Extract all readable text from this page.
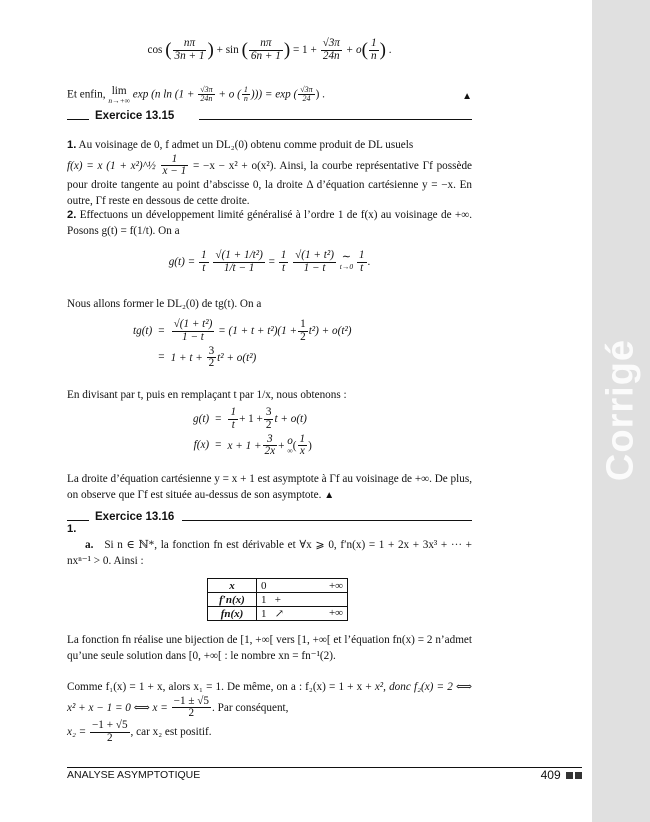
Corrigé
cos ( $\frac{n\pi}{3n + 1}$ ) + sin ( $\frac{n\pi}{6n + 1}$ ) = $1 + \frac{√3\pi}{24n} + o( \frac{1}{n}$ ) .
Et enfin, lim
n→+∞
exp (n $\ln (1 + \frac{√3\pi}{24n} + o$ ( $\frac{1}{n}$ ))) = exp ( $\frac{√3\pi}{24}$ ) .	▲
Exercice 13.15
1. Au voisinage de 0, f admet un DL₂(0) obtenu comme produit de DL usuels
f(x) = x (1 + x²)^½ $\frac{1}{x - 1} = -x - x^2 + o(x^2)$. Ainsi, la courbe représentative Γf possède pour droite tangente au point d’abscisse 0, la droite Δ d’équation cartésienne y = −x. En outre, Γf reste en dessous de cette droite.
2. Effectuons un développement limité généralisé à l’ordre 1 de f(x) au voisinage de +∞. Posons g(t) = f(1/t). On a
$g(t) = \frac{1}{t}$
$\frac{\text{√(1 + 1/t²)}}{1/t - 1} = \frac{1}{t}$
$\frac{\text{√(1 + t²)}}{1 - t}$
∼
t→0
$\frac{1}{t}$ .
Nous allons former le DL₂(0) de tg(t). On a
tg(t)	=	$\frac{\text{√(1 + t²)}}{1 - t} = (1 + t + t^2)(1 + \frac{1}{2} t^2) + o(t^2)$
	=	$1 + t + \frac{3}{2} t^2 + o(t^2)$
En divisant par t, puis en remplaçant t par 1/x, nous obtenons :
g(t)	=	$\frac{1}{t} + 1 + \frac{3}{2}$ t + o(t)
f(x)	=	$x + 1 + \frac{3}{2x} + o$
∞ ( $\frac{1}{x}$ )
La droite d’équation cartésienne y = x + 1 est asymptote à Γf au voisinage de +∞. De plus, on observe que Γf est située au-dessus de son asymptote. ▲
Exercice 13.16
1.
a. Si n ∈ ℕ*, la fonction fn est dérivable et ∀x ⩾ 0, f′n(x) = 1 + 2x + 3x³ + ··· + nxⁿ⁻¹ > 0. Ainsi :
x	0 +∞

f′n(x)	1 +
fn(x)	1 ↗ +∞
La fonction fn réalise une bijection de [1, +∞[ vers [1, +∞[ et l’équation fn(x) = 2 n’admet qu’une seule solution dans [0, +∞[ : le nombre xn = fn⁻¹(2).
Comme f₁(x) = 1 + x, alors x₁ = 1. De même, on a : f₂(x) = 1 + x + x², donc f₂(x) = 2 ⟺ x² + x − 1 = 0 ⟺ $x = \frac{-1 \pm √5}{2}$ . Par conséquent,
$x_2 = \frac{-1 + √5}{2}$ , car x₂ est positif.
ANALYSE ASYMPTOTIQUE	409
